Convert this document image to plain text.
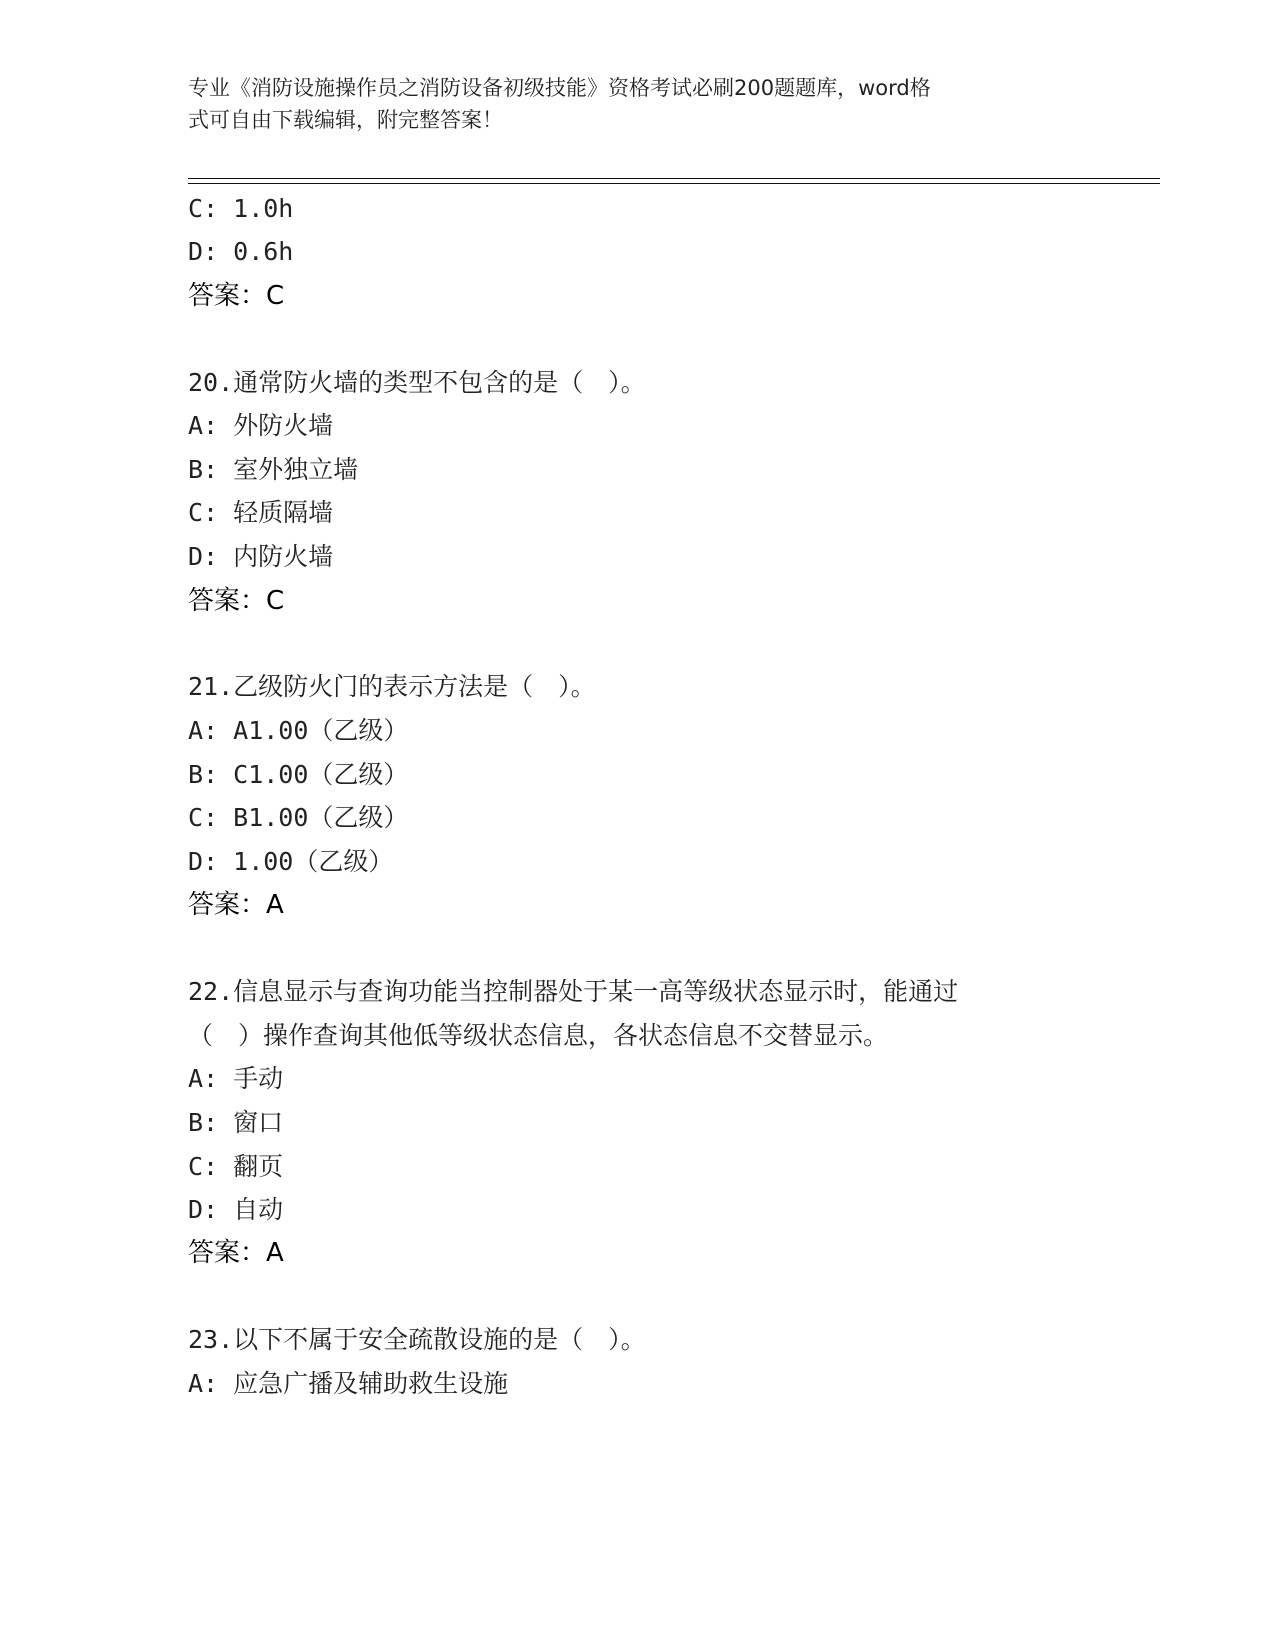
专业《消防设施操作员之消防设备初级技能》资格考试必刷200题题库，word格
式可自由下载编辑，附完整答案！
C: 1.0h
D: 0.6h
答案：C
20.通常防火墙的类型不包含的是（　）。
A: 外防火墙
B: 室外独立墙
C: 轻质隔墙
D: 内防火墙
答案：C
21.乙级防火门的表示方法是（　）。
A: A1.00（乙级）
B: C1.00（乙级）
C: B1.00（乙级）
D: 1.00（乙级）
答案：A
22.信息显示与查询功能当控制器处于某一高等级状态显示时，能通过
（　）操作查询其他低等级状态信息，各状态信息不交替显示。
A: 手动
B: 窗口
C: 翻页
D: 自动
答案：A
23.以下不属于安全疏散设施的是（　）。
A: 应急广播及辅助救生设施
